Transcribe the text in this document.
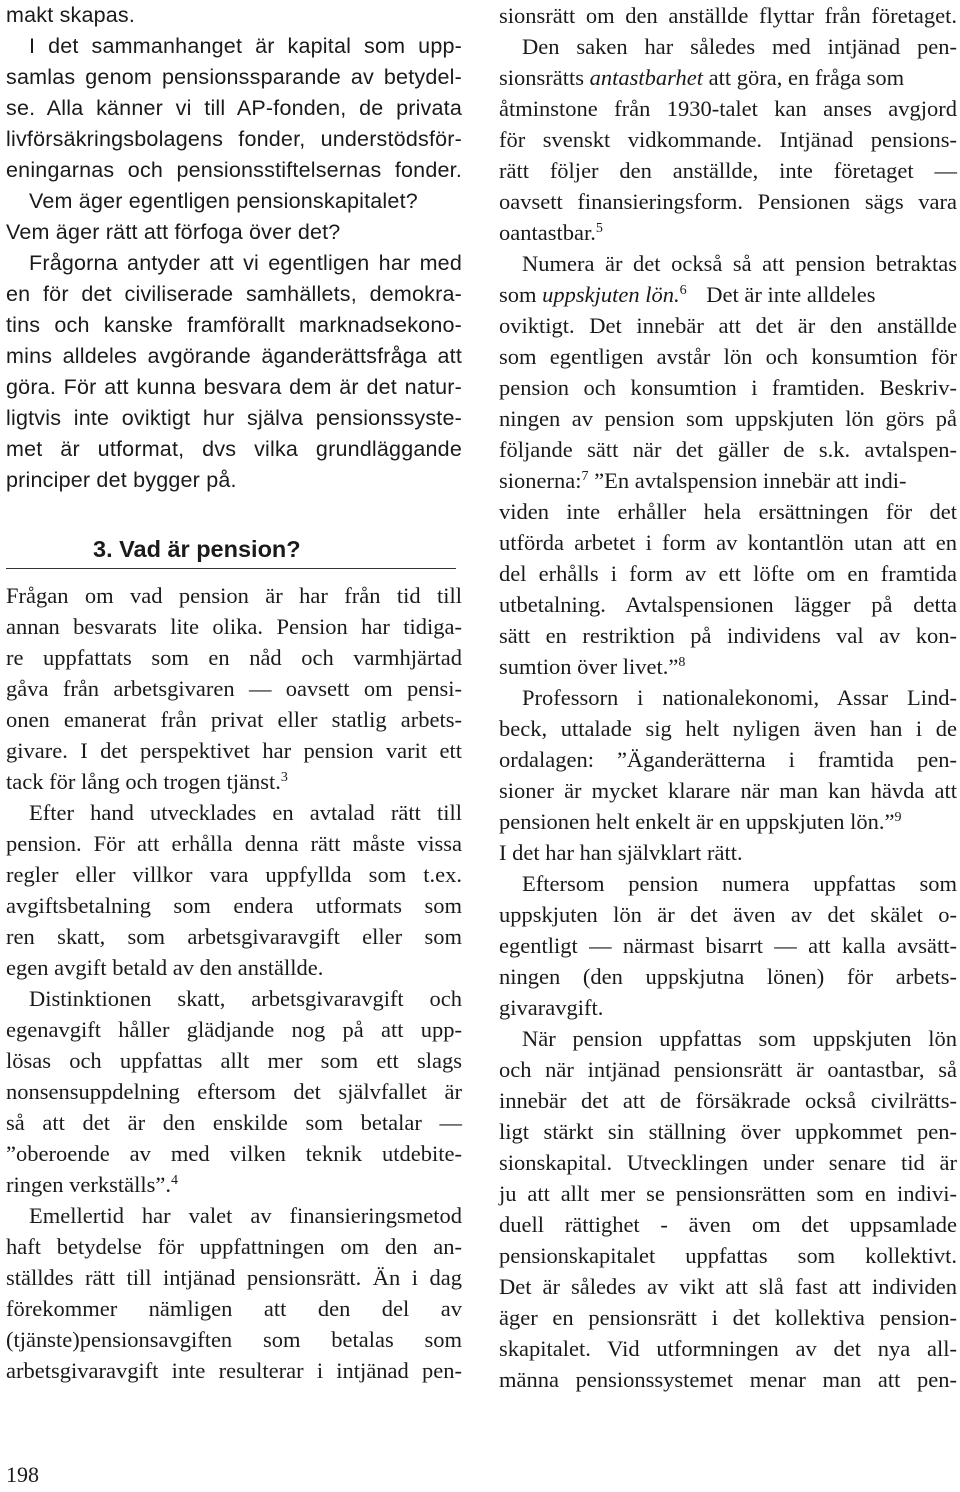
makt skapas.
I det sammanhanget är kapital som upp-
samlas genom pensionssparande av betydel-
se. Alla känner vi till AP-fonden, de privata
livförsäkringsbolagens fonder, understödsför-
eningarnas och pensionsstiftelsernas fonder.
Vem äger egentligen pensionskapitalet?
Vem äger rätt att förfoga över det?
Frågorna antyder att vi egentligen har med
en för det civiliserade samhällets, demokra-
tins och kanske framförallt marknadsekono-
mins alldeles avgörande äganderättsfråga att
göra. För att kunna besvara dem är det natur-
ligtvis inte oviktigt hur själva pensionssyste-
met är utformat, dvs vilka grundläggande
principer det bygger på.
Frågan om vad pension är har från tid till
annan besvarats lite olika. Pension har tidiga-
re uppfattats som en nåd och varmhjärtad
gåva från arbetsgivaren — oavsett om pensi-
onen emanerat från privat eller statlig arbets-
givare. I det perspektivet har pension varit ett
tack för lång och trogen tjänst.$^3$
Efter hand utvecklades en avtalad rätt till
pension. För att erhålla denna rätt måste vissa
regler eller villkor vara uppfyllda som t.ex.
avgiftsbetalning som endera utformats som
ren skatt, som arbetsgivaravgift eller som
egen avgift betald av den anställde.
Distinktionen skatt, arbetsgivaravgift och
egenavgift håller glädjande nog på att upp-
lösas och uppfattas allt mer som ett slags
nonsensuppdelning eftersom det självfallet är
så att det är den enskilde som betalar —
”oberoende av med vilken teknik utdebite-
ringen verkställs”.$^4$
Emellertid har valet av finansieringsmetod
haft betydelse för uppfattningen om den an-
ställdes rätt till intjänad pensionsrätt. Än i dag
förekommer nämligen att den del av
(tjänste)pensionsavgiften som betalas som
arbetsgivaravgift inte resulterar i intjänad pen-
3. Vad är pension?
sionsrätt om den anställde flyttar från företaget.
Den saken har således med intjänad pen-
sionsrätts antastbarhet att göra, en fråga som
åtminstone från 1930-talet kan anses avgjord
för svenskt vidkommande. Intjänad pensions-
rätt följer den anställde, inte företaget —
oavsett finansieringsform. Pensionen sägs vara
oantastbar.$^5$
Numera är det också så att pension betraktas
som uppskjuten lön.$^6$ Det är inte alldeles
oviktigt. Det innebär att det är den anställde
som egentligen avstår lön och konsumtion för
pension och konsumtion i framtiden. Beskriv-
ningen av pension som uppskjuten lön görs på
följande sätt när det gäller de s.k. avtalspen-
sionerna:$^7$ ”En avtalspension innebär att indi-
viden inte erhåller hela ersättningen för det
utförda arbetet i form av kontantlön utan att en
del erhålls i form av ett löfte om en framtida
utbetalning. Avtalspensionen lägger på detta
sätt en restriktion på individens val av kon-
sumtion över livet.”$^8$
Professorn i nationalekonomi, Assar Lind-
beck, uttalade sig helt nyligen även han i de
ordalagen: ”Äganderätterna i framtida pen-
sioner är mycket klarare när man kan hävda att
pensionen helt enkelt är en uppskjuten lön.”$^9$
I det har han självklart rätt.
Eftersom pension numera uppfattas som
uppskjuten lön är det även av det skälet o-
egentligt — närmast bisarrt — att kalla avsätt-
ningen (den uppskjutna lönen) för arbets-
givaravgift.
När pension uppfattas som uppskjuten lön
och när intjänad pensionsrätt är oantastbar, så
innebär det att de försäkrade också civilrätts-
ligt stärkt sin ställning över uppkommet pen-
sionskapital. Utvecklingen under senare tid är
ju att allt mer se pensionsrätten som en indivi-
duell rättighet - även om det uppsamlade
pensionskapitalet uppfattas som kollektivt.
Det är således av vikt att slå fast att individen
äger en pensionsrätt i det kollektiva pension-
skapitalet. Vid utformningen av det nya all-
männa pensionssystemet menar man att pen-
198
